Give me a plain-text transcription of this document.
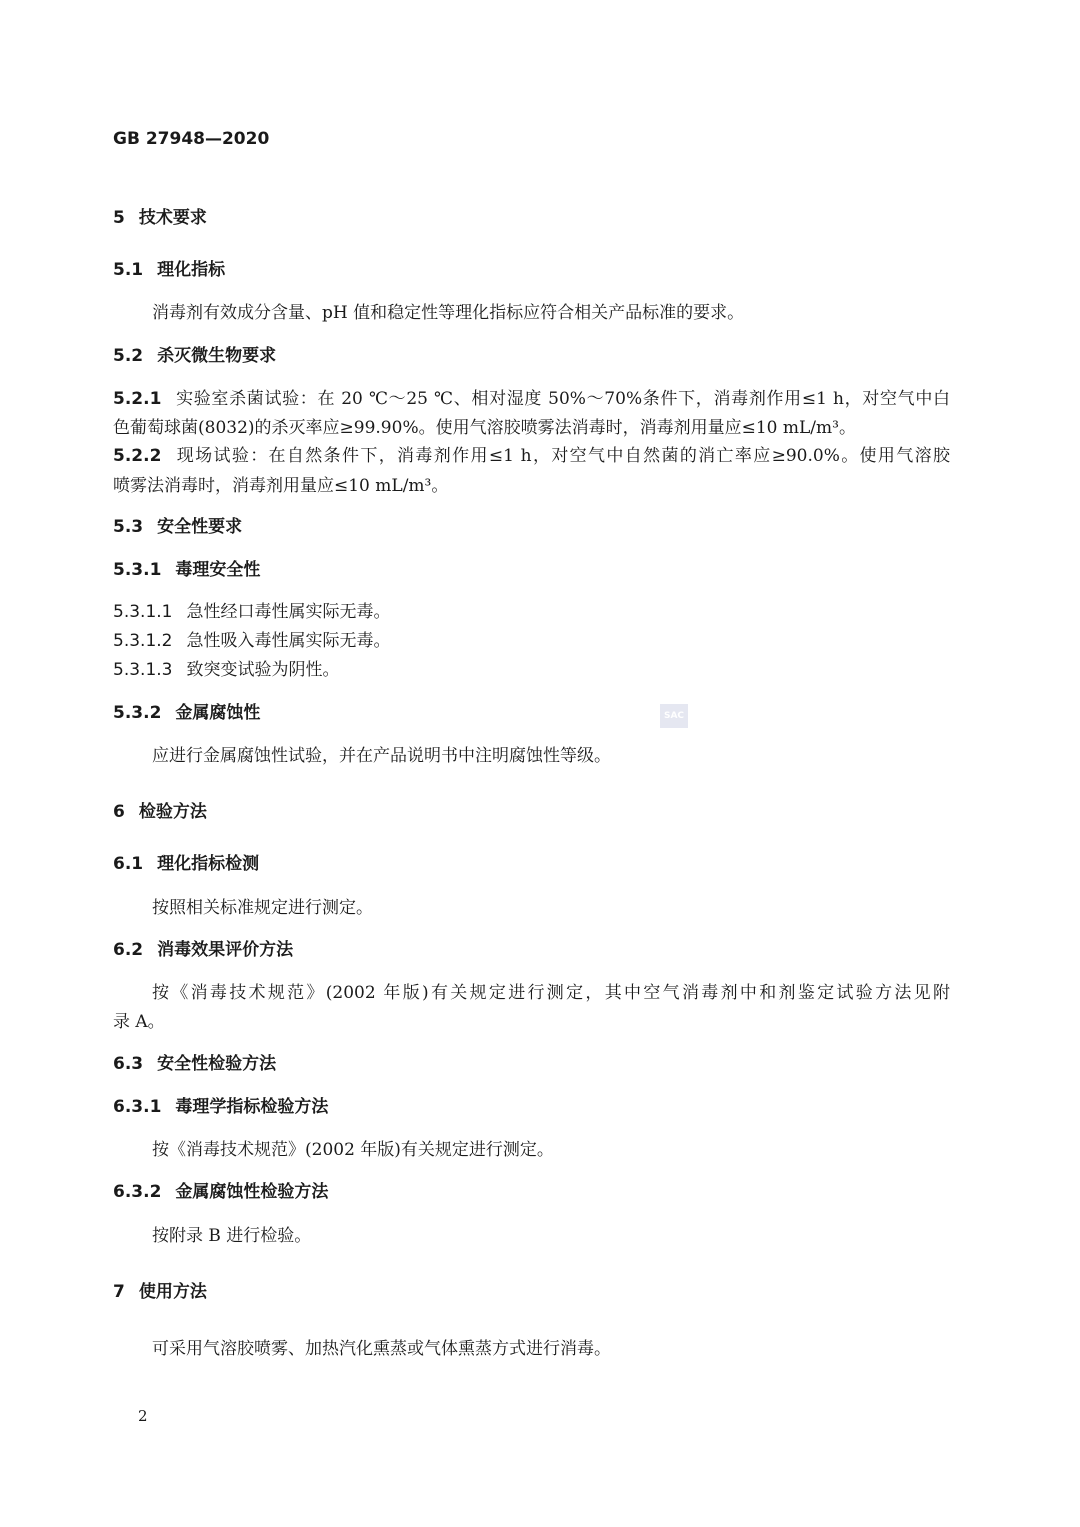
GB 27948—2020
5 技术要求
5.1 理化指标
消毒剂有效成分含量、pH 值和稳定性等理化指标应符合相关产品标准的要求。
5.2 杀灭微生物要求
5.2.1 实验室杀菌试验：在 20 ℃～25 ℃、相对湿度 50%～70%条件下，消毒剂作用≤1 h，对空气中白
色葡萄球菌(8032)的杀灭率应≥99.90%。使用气溶胶喷雾法消毒时，消毒剂用量应≤10 mL/m³。
5.2.2 现场试验：在自然条件下，消毒剂作用≤1 h，对空气中自然菌的消亡率应≥90.0%。使用气溶胶
喷雾法消毒时，消毒剂用量应≤10 mL/m³。
5.3 安全性要求
5.3.1 毒理安全性
5.3.1.1 急性经口毒性属实际无毒。
5.3.1.2 急性吸入毒性属实际无毒。
5.3.1.3 致突变试验为阴性。
5.3.2 金属腐蚀性	SAC
应进行金属腐蚀性试验，并在产品说明书中注明腐蚀性等级。
6 检验方法
6.1 理化指标检测
按照相关标准规定进行测定。
6.2 消毒效果评价方法
按《消毒技术规范》(2002 年版)有关规定进行测定，其中空气消毒剂中和剂鉴定试验方法见附
录 A。
6.3 安全性检验方法
6.3.1 毒理学指标检验方法
按《消毒技术规范》(2002 年版)有关规定进行测定。
6.3.2 金属腐蚀性检验方法
按附录 B 进行检验。
7 使用方法
可采用气溶胶喷雾、加热汽化熏蒸或气体熏蒸方式进行消毒。
2
